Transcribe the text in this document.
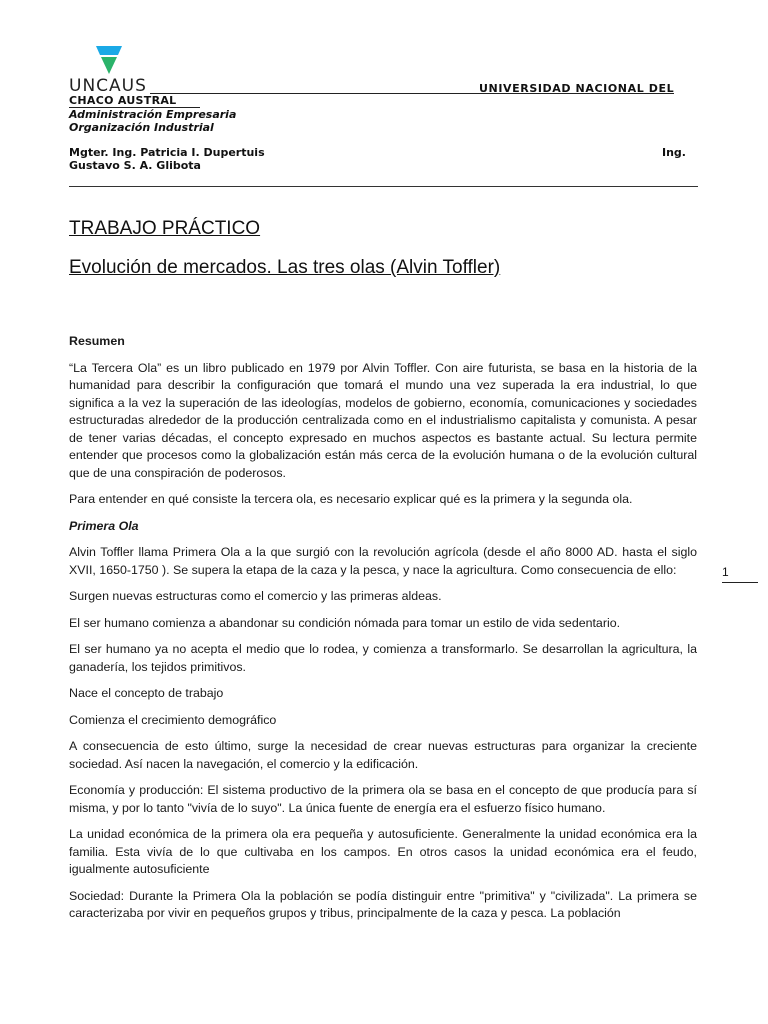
UNCAUS	UNIVERSIDAD NACIONAL DEL
CHACO AUSTRAL
Administración Empresaria
Organización Industrial
Mgter. Ing. Patricia I. Dupertuis	Ing.
Gustavo S. A. Glibota
TRABAJO PRÁCTICO
Evolución de mercados. Las tres olas (Alvin Toffler)

Resumen

“La Tercera Ola” es un libro publicado en 1979 por Alvin Toffler. Con aire futurista, se basa en la historia de la humanidad para describir la configuración que tomará el mundo una vez superada la era industrial, lo que significa a la vez la superación de las ideologías, modelos de gobierno, economía, comunicaciones y sociedades estructuradas alrededor de la producción centralizada como en el industrialismo capitalista y comunista. A pesar de tener varias décadas, el concepto expresado en muchos aspectos es bastante actual. Su lectura permite entender que procesos como la globalización están más cerca de la evolución humana o de la evolución cultural que de una conspiración de poderosos.

Para entender en qué consiste la tercera ola, es necesario explicar qué es la primera y la segunda ola.

Primera Ola

Alvin Toffler llama Primera Ola a la que surgió con la revolución agrícola (desde el año 8000 AD. hasta el siglo XVII, 1650-1750 ). Se supera la etapa de la caza y la pesca, y nace la agricultura. Como consecuencia de ello:

Surgen nuevas estructuras como el comercio y las primeras aldeas.

El ser humano comienza a abandonar su condición nómada para tomar un estilo de vida sedentario.

El ser humano ya no acepta el medio que lo rodea, y comienza a transformarlo. Se desarrollan la agricultura, la ganadería, los tejidos primitivos.

Nace el concepto de trabajo

Comienza el crecimiento demográfico

A consecuencia de esto último, surge la necesidad de crear nuevas estructuras para organizar la creciente sociedad. Así nacen la navegación, el comercio y la edificación.

Economía y producción: El sistema productivo de la primera ola se basa en el concepto de que producía para sí misma, y por lo tanto "vivía de lo suyo". La única fuente de energía era el esfuerzo físico humano.

La unidad económica de la primera ola era pequeña y autosuficiente. Generalmente la unidad económica era la familia. Esta vivía de lo que cultivaba en los campos. En otros casos la unidad económica era el feudo, igualmente autosuficiente

Sociedad: Durante la Primera Ola la población se podía distinguir entre "primitiva" y "civilizada". La primera se caracterizaba por vivir en pequeños grupos y tribus, principalmente de la caza y pesca. La población

1
